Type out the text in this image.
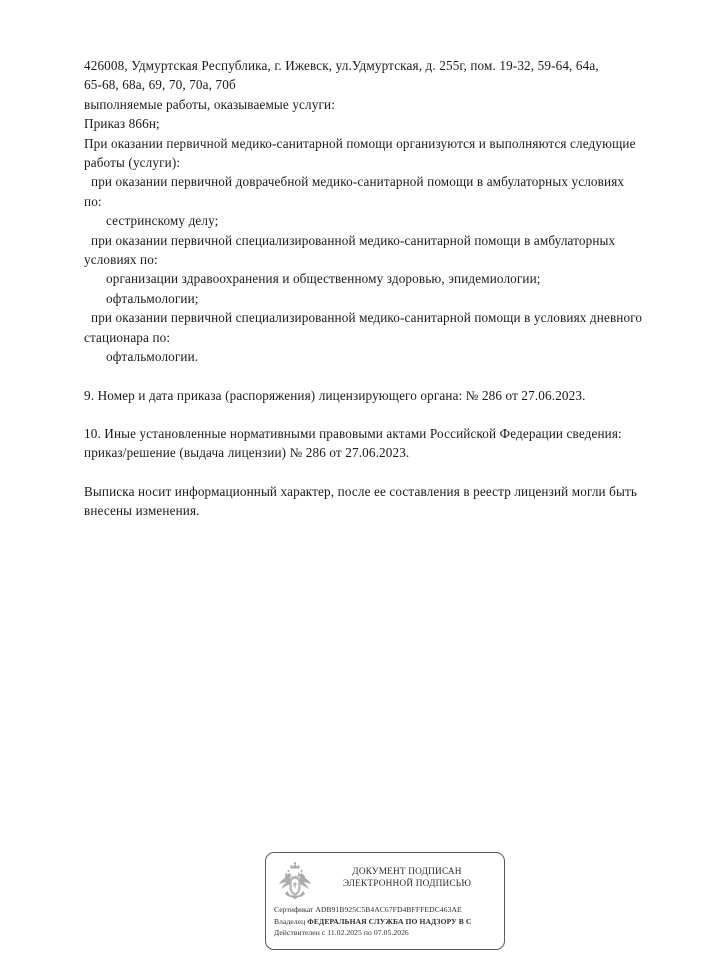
426008, Удмуртская Республика, г. Ижевск, ул.Удмуртская, д. 255г, пом. 19-32, 59-64, 64а,
65-68, 68а, 69, 70, 70а, 70б
выполняемые работы, оказываемые услуги:
Приказ 866н;
При оказании первичной медико-санитарной помощи организуются и выполняются следующие
работы (услуги):
при оказании первичной доврачебной медико-санитарной помощи в амбулаторных условиях
по:
сестринскому делу;
при оказании первичной специализированной медико-санитарной помощи в амбулаторных
условиях по:
организации здравоохранения и общественному здоровью, эпидемиологии;
офтальмологии;
при оказании первичной специализированной медико-санитарной помощи в условиях дневного
стационара по:
офтальмологии.
9. Номер и дата приказа (распоряжения) лицензирующего органа: № 286 от 27.06.2023.
10. Иные установленные нормативными правовыми актами Российской Федерации сведения:
приказ/решение (выдача лицензии) № 286 от 27.06.2023.
Выписка носит информационный характер, после ее составления в реестр лицензий могли быть
внесены изменения.
ДОКУМЕНТ ПОДПИСАН
ЭЛЕКТРОННОЙ ПОДПИСЬЮ
Сертификат ADB91B925C5B4AC67FD4BFFFEDC463AE
Владелец ФЕДЕРАЛЬНАЯ СЛУЖБА ПО НАДЗОРУ В С
Действителен с 11.02.2025 по 07.05.2026
